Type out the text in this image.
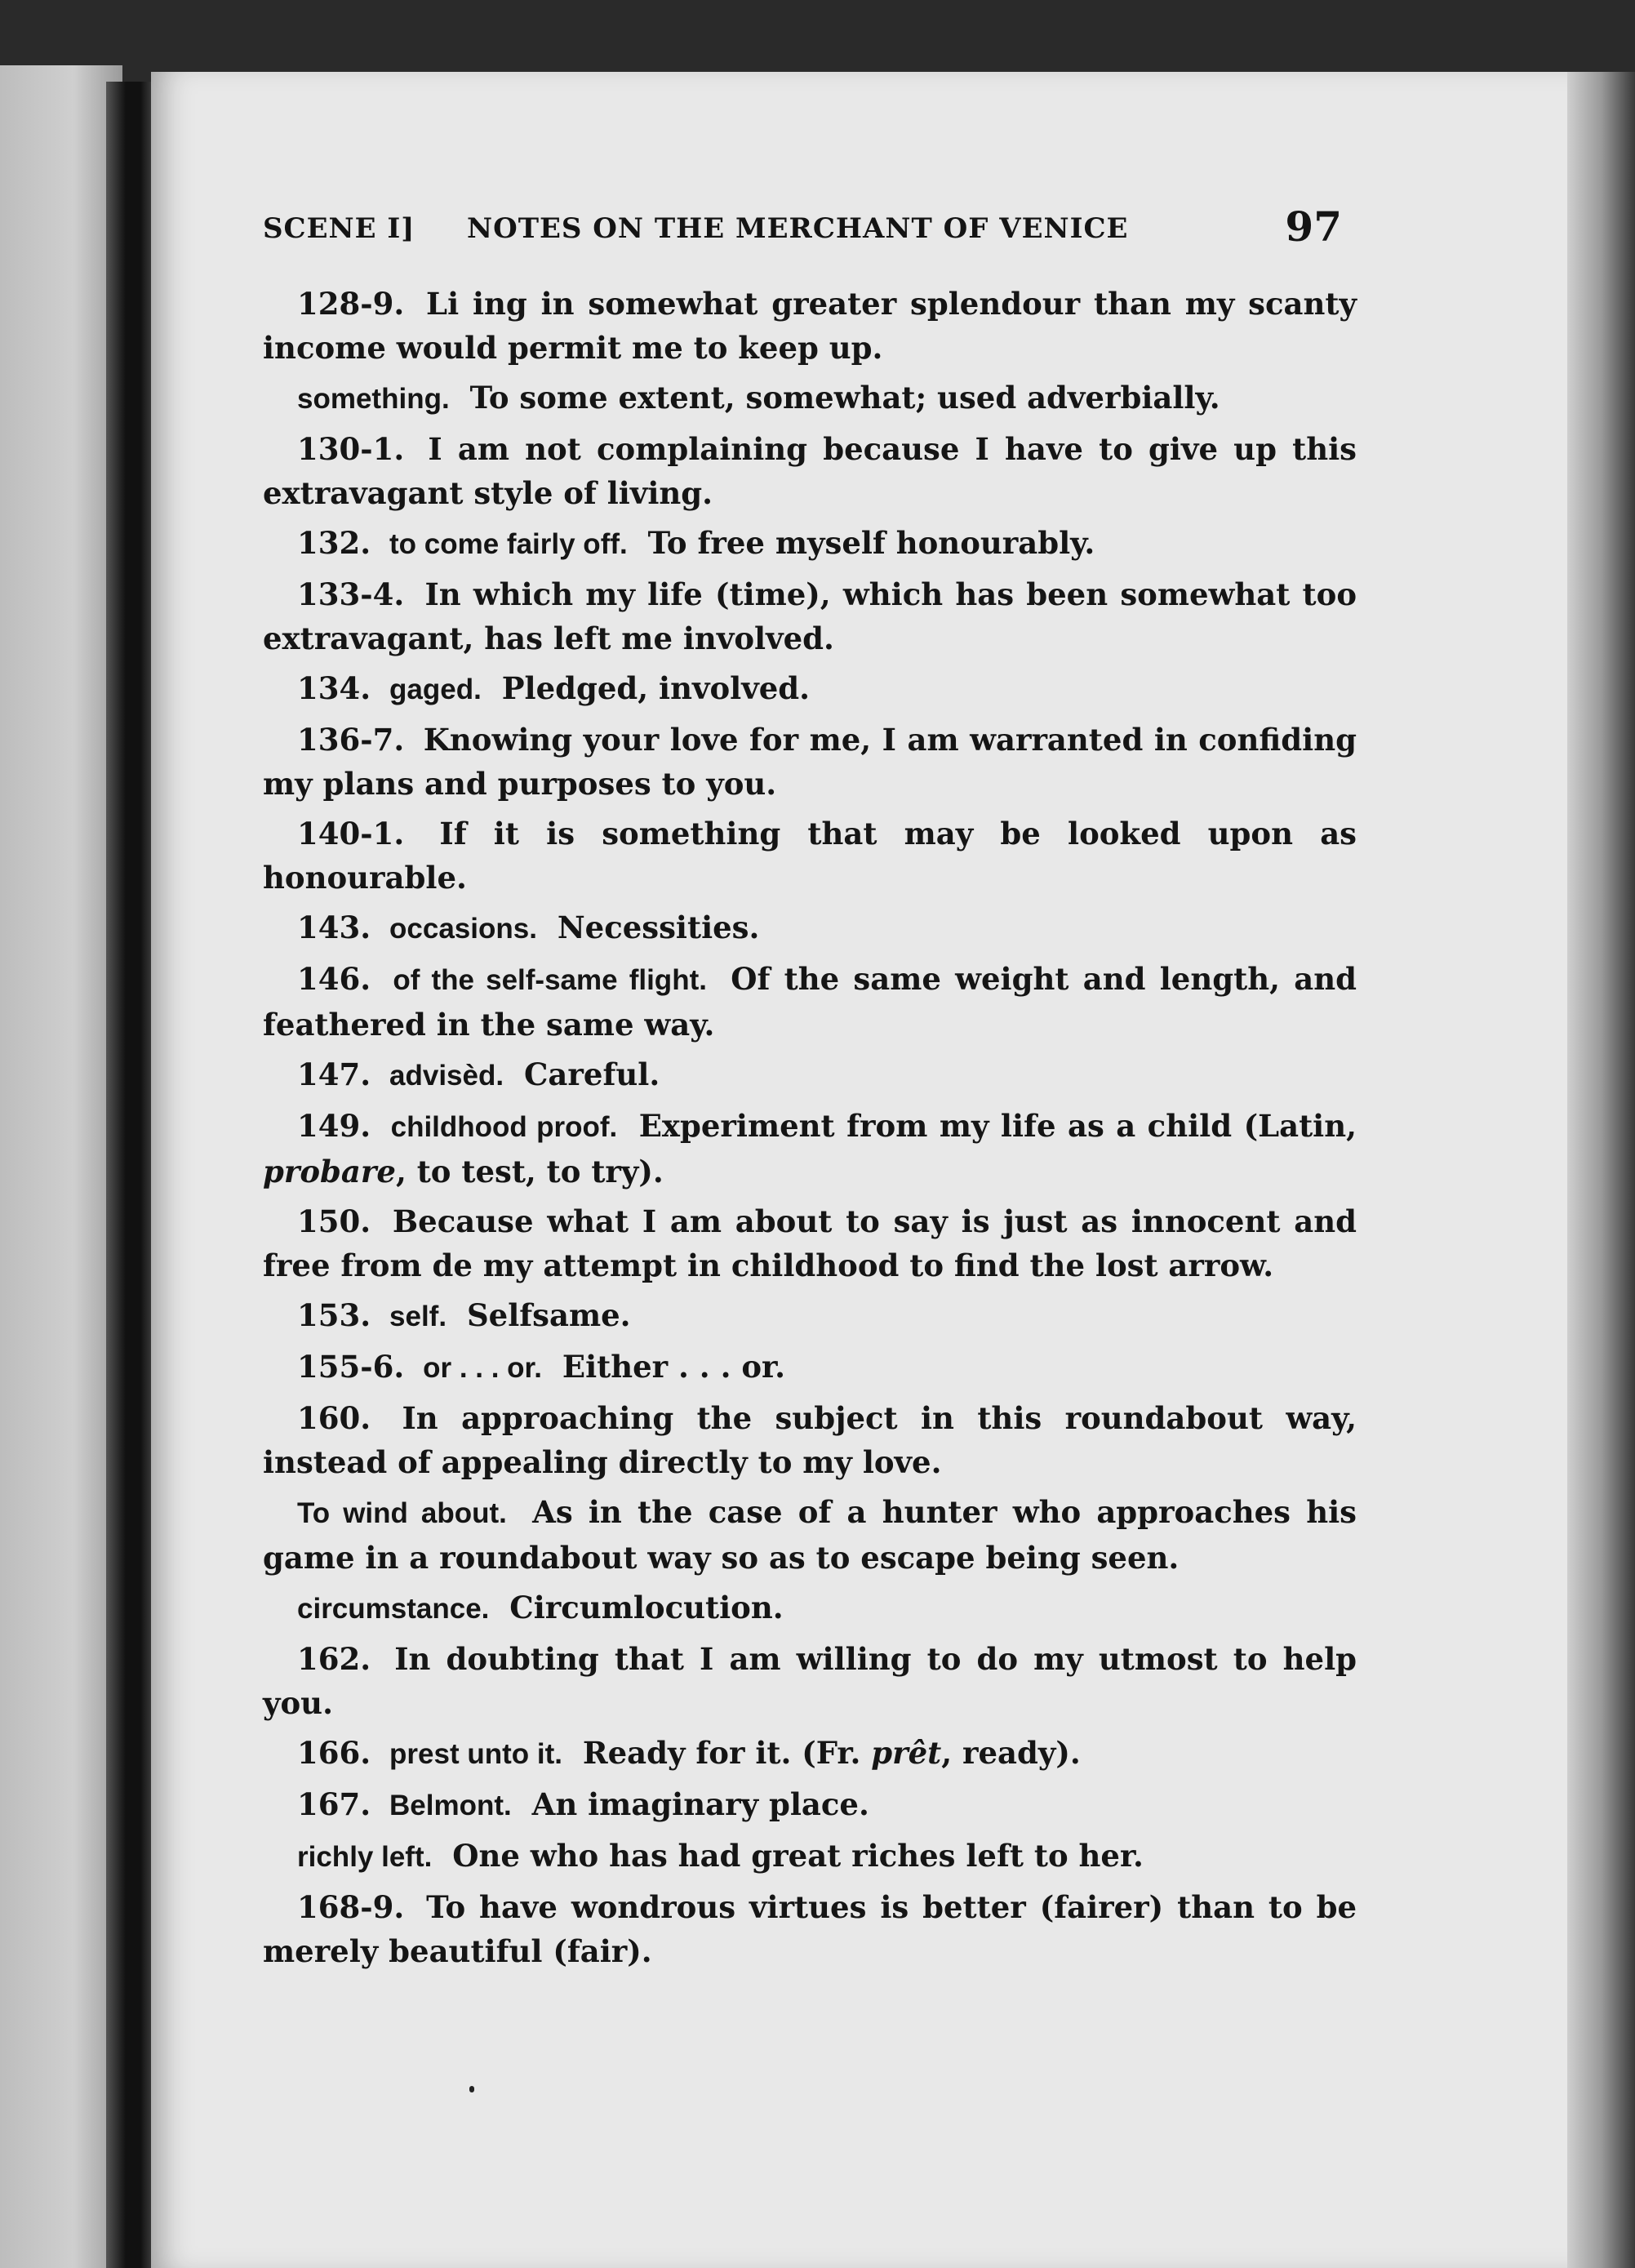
SCENE I] NOTES ON THE MERCHANT OF VENICE	97

128-9. Li ing in somewhat greater splendour than my scanty income would permit me to keep up.

something. To some extent, somewhat; used adverbially.

130-1. I am not complaining because I have to give up this extravagant style of living.

132. to come fairly off. To free myself honourably.

133-4. In which my life (time), which has been somewhat too extravagant, has left me involved.

134. gaged. Pledged, involved.

136-7. Knowing your love for me, I am warranted in confiding my plans and purposes to you.

140-1. If it is something that may be looked upon as honourable.

143. occasions. Necessities.

146. of the self-same flight. Of the same weight and length, and feathered in the same way.

147. advisèd. Careful.

149. childhood proof. Experiment from my life as a child (Latin, probare, to test, to try).

150. Because what I am about to say is just as innocent and free from de my attempt in childhood to find the lost arrow.

153. self. Selfsame.

155-6. or . . . or. Either . . . or.

160. In approaching the subject in this roundabout way, instead of appealing directly to my love.

To wind about. As in the case of a hunter who approaches his game in a roundabout way so as to escape being seen.

circumstance. Circumlocution.

162. In doubting that I am willing to do my utmost to help you.

166. prest unto it. Ready for it. (Fr. prêt, ready).

167. Belmont. An imaginary place.

richly left. One who has had great riches left to her.

168-9. To have wondrous virtues is better (fairer) than to be merely beautiful (fair).
